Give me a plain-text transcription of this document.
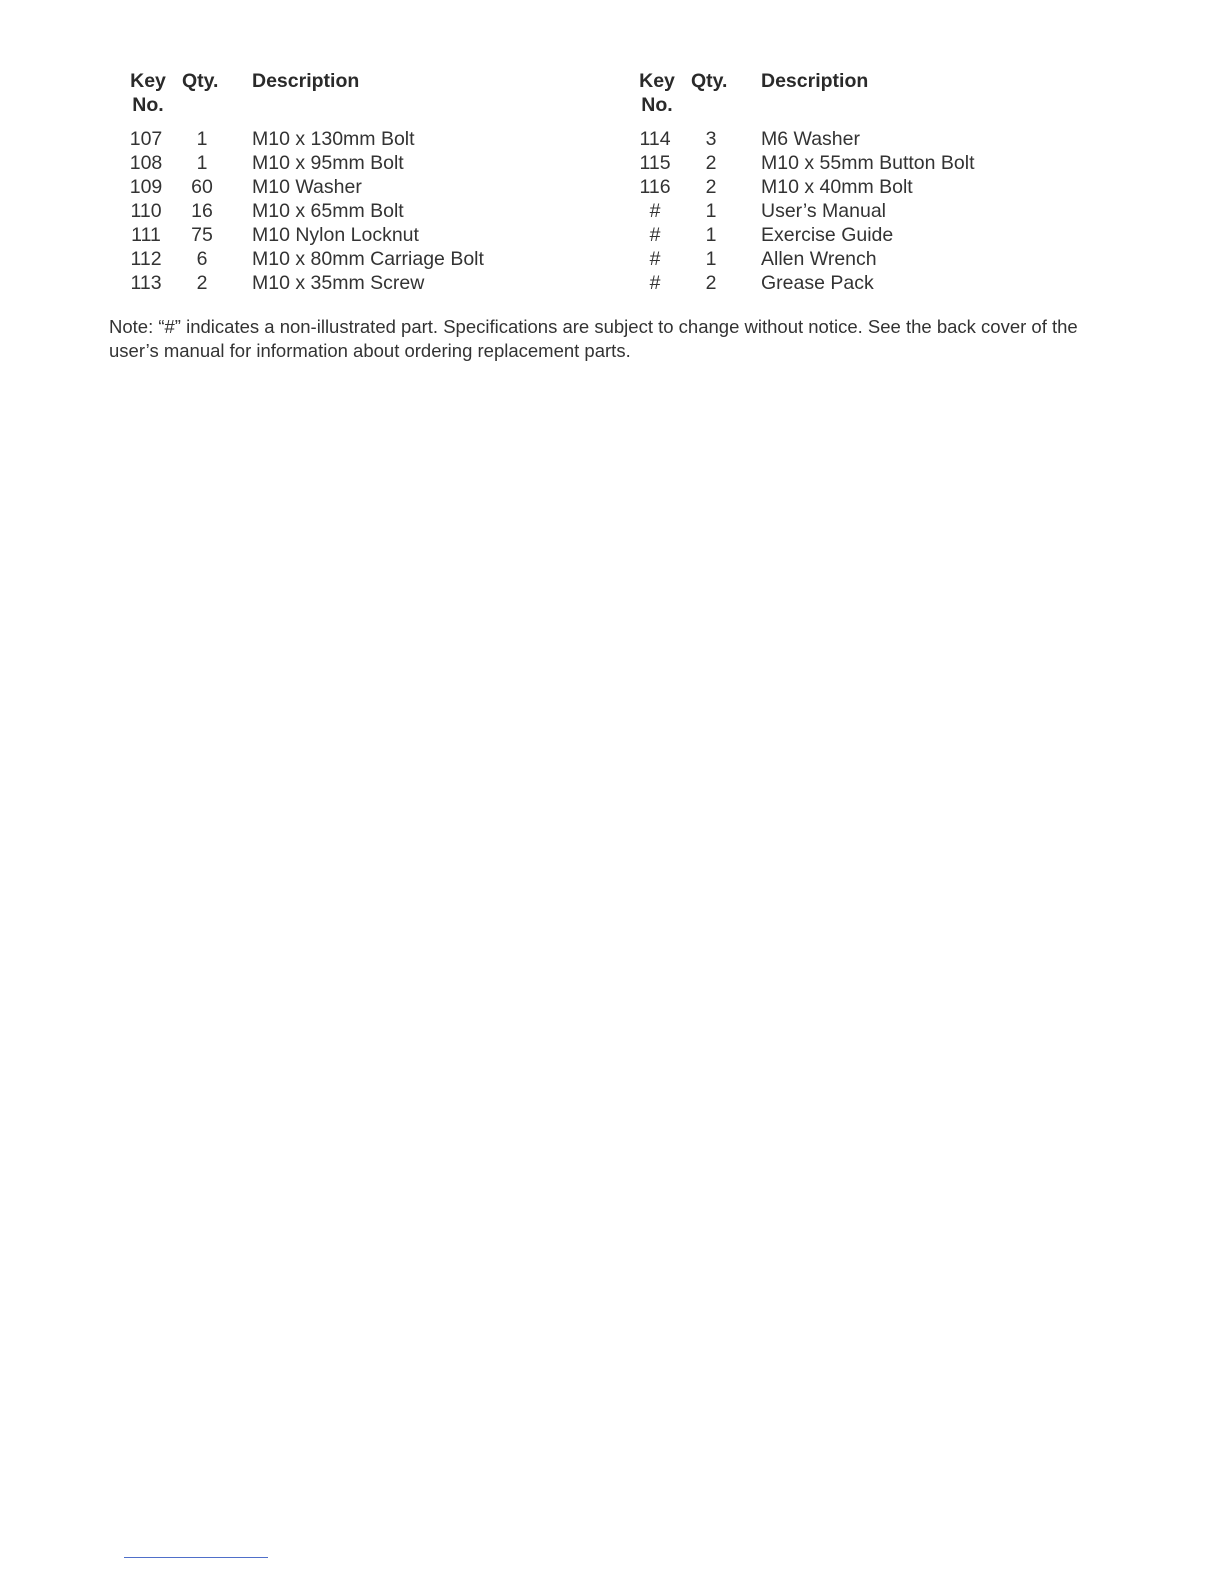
Key
No.
Qty. Description
107	1	M10 x 130mm Bolt
108	1	M10 x 95mm Bolt
109 60 M10 Washer
110 16 M10 x 65mm Bolt
111 75 M10 Nylon Locknut
112	6	M10 x 80mm Carriage Bolt
113	2	M10 x 35mm Screw
Key
No.
Qty. Description
114	3	M6 Washer
115	2	M10 x 55mm Button Bolt
116	2	M10 x 40mm Bolt
#	1	User’s Manual
#	1	Exercise Guide
#	1	Allen Wrench
#	2	Grease Pack

Note: “#” indicates a non-illustrated part. Specifications are subject to change without notice. See the back cover of the user’s manual for information about ordering replacement parts.
